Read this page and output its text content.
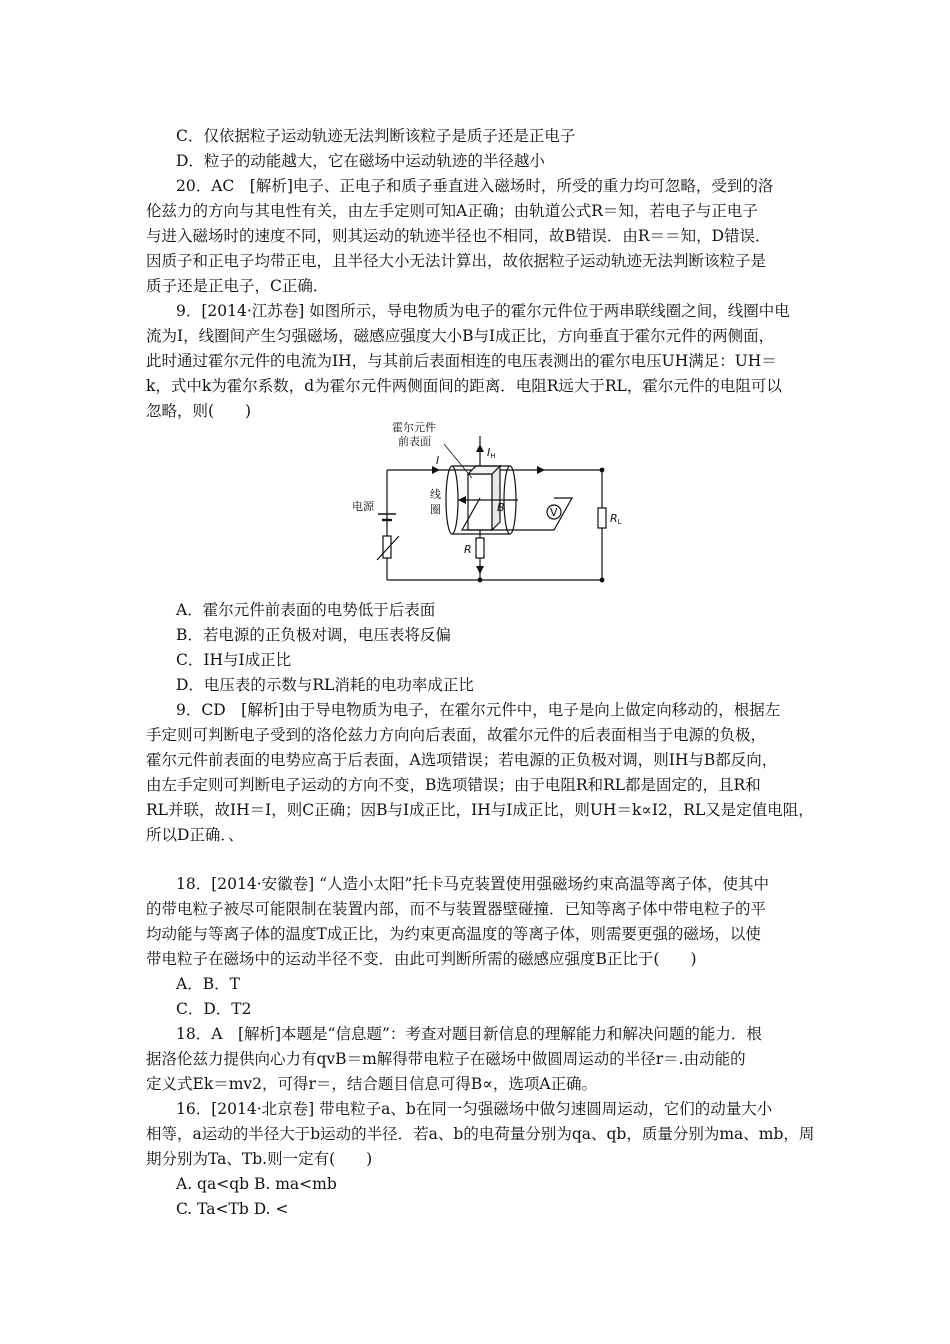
C．仅依据粒子运动轨迹无法判断该粒子是质子还是正电子
D．粒子的动能越大，它在磁场中运动轨迹的半径越小
20．AC　 [解析]电子、正电子和质子垂直进入磁场时，所受的重力均可忽略，受到的洛
伦兹力的方向与其电性有关，由左手定则可知A正确；由轨道公式R＝知，若电子与正电子
与进入磁场时的速度不同，则其运动的轨迹半径也不相同，故B错误．由R＝＝知，D错误．
因质子和正电子均带正电，且半径大小无法计算出，故依据粒子运动轨迹无法判断该粒子是
质子还是正电子，C正确．
9．[2014·江苏卷] 如图所示，导电物质为电子的霍尔元件位于两串联线圈之间，线圈中电
流为I，线圈间产生匀强磁场，磁感应强度大小B与I成正比，方向垂直于霍尔元件的两侧面，
此时通过霍尔元件的电流为IH，与其前后表面相连的电压表测出的霍尔电压UH满足：UH＝
k，式中k为霍尔系数，d为霍尔元件两侧面间的距离．电阻R远大于RL，霍尔元件的电阻可以
忽略，则(　　)
霍尔元件
前表面
I
IH
线
圈	B	V
电源
R
RL
A．霍尔元件前表面的电势低于后表面
B．若电源的正负极对调，电压表将反偏
C．IH与I成正比
D．电压表的示数与RL消耗的电功率成正比
9．CD　 [解析]由于导电物质为电子，在霍尔元件中，电子是向上做定向移动的，根据左
手定则可判断电子受到的洛伦兹力方向向后表面，故霍尔元件的后表面相当于电源的负极，
霍尔元件前表面的电势应高于后表面，A选项错误；若电源的正负极对调，则IH与B都反向，
由左手定则可判断电子运动的方向不变，B选项错误；由于电阻R和RL都是固定的，且R和
RL并联，故IH＝I，则C正确；因B与I成正比，IH与I成正比，则UH＝k∝I2，RL又是定值电阻，
所以D正确．、
18．[2014·安徽卷] “人造小太阳”托卡马克装置使用强磁场约束高温等离子体，使其中
的带电粒子被尽可能限制在装置内部，而不与装置器壁碰撞．已知等离子体中带电粒子的平
均动能与等离子体的温度T成正比，为约束更高温度的等离子体，则需要更强的磁场，以使
带电粒子在磁场中的运动半径不变．由此可判断所需的磁感应强度B正比于(　　)
A．B．T
C．D．T2
18．A　 [解析]本题是“信息题”：考查对题目新信息的理解能力和解决问题的能力．根
据洛伦兹力提供向心力有qvB＝m解得带电粒子在磁场中做圆周运动的半径r＝.由动能的
定义式Ek＝mv2，可得r＝，结合题目信息可得B∝，选项A正确。
16．[2014·北京卷] 带电粒子a、b在同一匀强磁场中做匀速圆周运动，它们的动量大小
相等，a运动的半径大于b运动的半径．若a、b的电荷量分别为qa、qb，质量分别为ma、mb，周
期分别为Ta、Tb.则一定有(　　)
A. qa<qb B. ma<mb
C. Ta<Tb D. <
